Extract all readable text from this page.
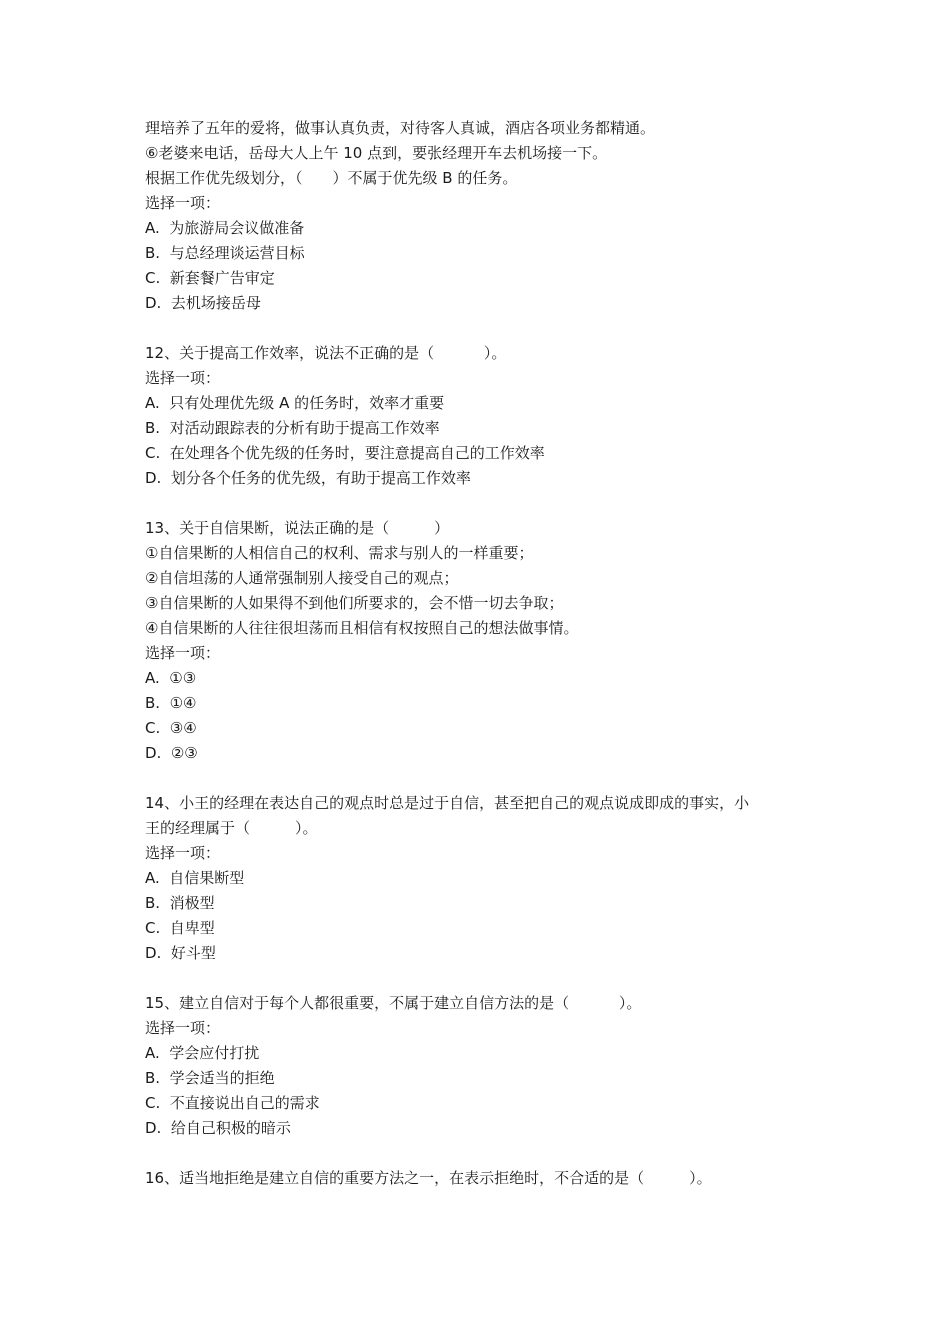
理培养了五年的爱将，做事认真负责，对待客人真诚，酒店各项业务都精通。

⑥老婆来电话，岳母大人上午 10 点到，要张经理开车去机场接一下。

根据工作优先级划分，（　　）不属于优先级 B 的任务。

选择一项：

A.  为旅游局会议做准备

B.  与总经理谈运营目标

C.  新套餐广告审定

D.  去机场接岳母

12、关于提高工作效率，说法不正确的是（　　　 ）。

选择一项：

A.  只有处理优先级 A 的任务时，效率才重要

B.  对活动跟踪表的分析有助于提高工作效率

C.  在处理各个优先级的任务时，要注意提高自己的工作效率

D.  划分各个任务的优先级，有助于提高工作效率

13、关于自信果断，说法正确的是（　　　）

①自信果断的人相信自己的权利、需求与别人的一样重要；

②自信坦荡的人通常强制别人接受自己的观点；

③自信果断的人如果得不到他们所要求的，会不惜一切去争取；

④自信果断的人往往很坦荡而且相信有权按照自己的想法做事情。

选择一项：

A.  ①③

B.  ①④

C.  ③④

D.  ②③

14、小王的经理在表达自己的观点时总是过于自信，甚至把自己的观点说成即成的事实，小

王的经理属于（　　　）。

选择一项：

A.  自信果断型

B.  消极型

C.  自卑型

D.  好斗型

15、建立自信对于每个人都很重要，不属于建立自信方法的是（　　　 ）。

选择一项：

A.  学会应付打扰

B.  学会适当的拒绝

C.  不直接说出自己的需求

D.  给自己积极的暗示

16、适当地拒绝是建立自信的重要方法之一，在表示拒绝时，不合适的是（　　　）。
